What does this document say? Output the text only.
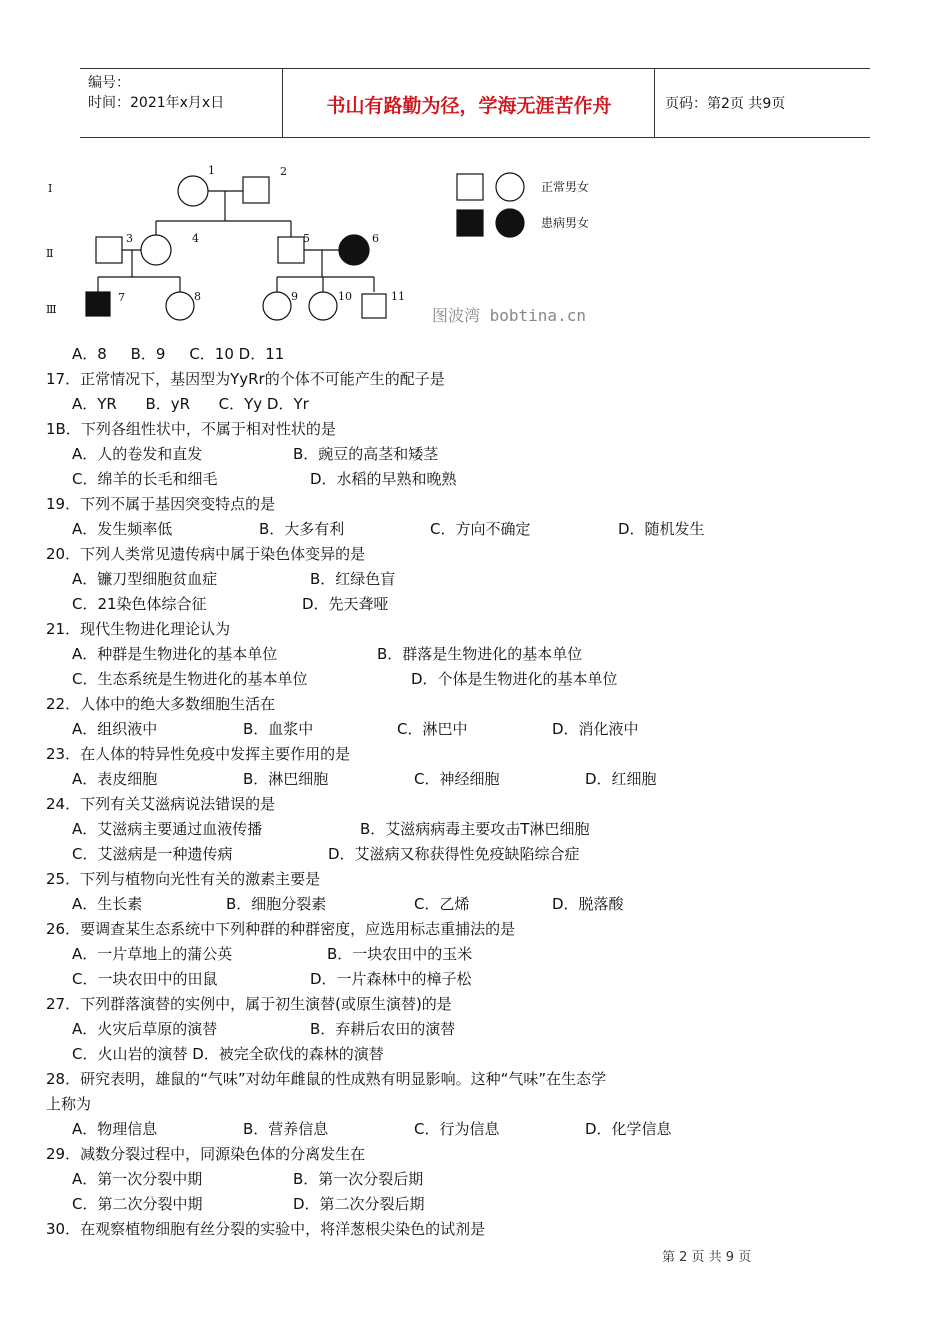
编号：
时间：2021年x月x日	书山有路勤为径，学海无涯苦作舟	页码：第2页 共9页
I
Ⅱ
Ⅲ
1	2
3	4	5	6
7	8	9	10	11
正常男女
患病男女
图波湾 bobtina.cn
A．8     B．9     C．10 D．11
17．正常情况下，基因型为YyRr的个体不可能产生的配子是
A．YR      B．yR      C．Yy D．Yr
1B．下列各组性状中，不属于相对性状的是
A．人的卷发和直发	B．豌豆的高茎和矮茎
C．绵羊的长毛和细毛	D．水稻的早熟和晚熟
19．下列不属于基因突变特点的是
A．发生频率低	B．大多有利	C．方向不确定	D．随机发生
20．下列人类常见遗传病中属于染色体变异的是
A．镰刀型细胞贫血症	B．红绿色盲
C．21染色体综合征	D．先天聋哑
21．现代生物进化理论认为
A．种群是生物进化的基本单位	B．群落是生物进化的基本单位
C．生态系统是生物进化的基本单位	D．个体是生物进化的基本单位
22．人体中的绝大多数细胞生活在
A．组织液中	B．血浆中	C．淋巴中	D．消化液中
23．在人体的特异性免疫中发挥主要作用的是
A．表皮细胞	B．淋巴细胞	C．神经细胞	D．红细胞
24．下列有关艾滋病说法错误的是
A．艾滋病主要通过血液传播	B．艾滋病病毒主要攻击T淋巴细胞
C．艾滋病是一种遗传病	D．艾滋病又称获得性免疫缺陷综合症
25．下列与植物向光性有关的激素主要是
A．生长素	B．细胞分裂素	C．乙烯	D．脱落酸
26．要调查某生态系统中下列种群的种群密度，应选用标志重捕法的是
A．一片草地上的蒲公英	B．一块农田中的玉米
C．一块农田中的田鼠	D．一片森林中的樟子松
27．下列群落演替的实例中，属于初生演替(或原生演替)的是
A．火灾后草原的演替	B．弃耕后农田的演替
C．火山岩的演替 D．被完全砍伐的森林的演替
28．研究表明，雄鼠的“气味”对幼年雌鼠的性成熟有明显影响。这种“气味”在生态学
上称为
A．物理信息	B．营养信息	C．行为信息	D．化学信息
29．减数分裂过程中，同源染色体的分离发生在
A．第一次分裂中期	B．第一次分裂后期
C．第二次分裂中期	D．第二次分裂后期
30．在观察植物细胞有丝分裂的实验中，将洋葱根尖染色的试剂是
第 2 页 共 9 页
